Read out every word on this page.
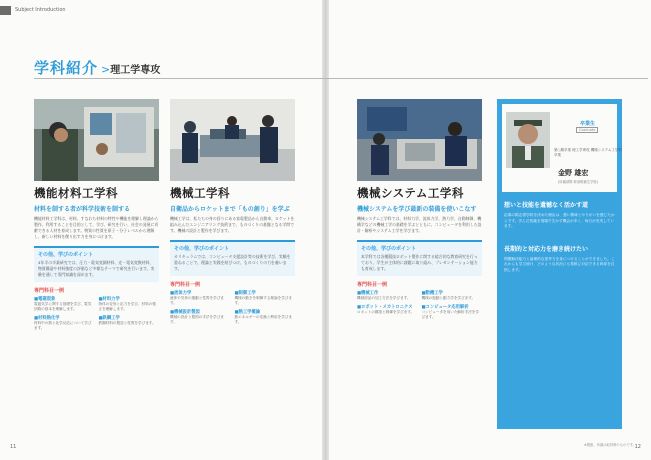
Subject Introduction
学科紹介 >理工学専攻
機能材料工学科
材料を制する者が科学技術を制する
機能材料工学科は、材料、すなわち材料の特性や機能を理解し理論から製作、利用することを目的として、学び、研究を行い、社会の発展に貢献できる人材を育成します。物質の性質を原子・分子レベルから理解し、新しい材料を創り出す力を身につけます。
その他、学びのポイント
4年半の卒業研究では、圧力・電気変調材料、光・電気変換材料、物質構造や材料強度の評価など多様なテーマで研究を行います。実験を通して専門知識を深めます。
専門科目一例
■電磁現象
電磁気学に関する基礎を学び、電気回路の基本を理解します。
■材料力学
物体の変形と応力を学び、材料の強さを理解します。
■材料熱化学
材料中の熱と化学反応について学びます。
■鉄鋼工学
鉄鋼材料の製造と性質を学びます。
機械工学科
自衛品からロケットまで「もの創り」を学ぶ
機械工学は、私たちの身の回りにある家電製品から自動車、ロケットを組み込んだエンジニアリング技術まで、ものづくりの基盤となる学問です。機械の設計と製作を学びます。
その他、学びのポイント
カリキュラムでは、コンピュータ支援設計等の技術を学び、実験を重ねることで、理論と実践を結びつけ、ものづくりの力を養います。
専門科目一例
■流体力学
液体や気体の運動と性質を学びます。
■制御工学
機械の動きを制御する理論を学びます。
■機械設計製図
機械の設計と製図の手法を学びます。
■熱工学概論
熱エネルギーの変換と利用を学びます。
機械システム工学科
機械システムを学び最新の装備を使いこなす
機械システム工学科では、材料力学、流体力学、熱力学、自動制御、機構学などの機械工学の基礎を学ぶとともに、コンピュータを利用した設計・解析やシステム工学を学びます。
その他、学びのポイント
本学科では各種競技ロボット製作に関する総合的な教育研究を行っており、学生が主体的に課題に取り組み、プレゼンテーション能力も育成します。
専門科目一例
■機械工作
機械部品の加工方法を学びます。
■動機工学
機械の振動と動力学を学びます。
■ロボット・メカトロニクス
ロボットの構造と制御を学びます。
■コンピュータ応用解析
コンピュータを用いた解析手法を学びます。
卒業生
Graduate
第○期卒業 理工学専攻 機械システム工学科卒業
金野 雄宏
(所属部隊 幹部候補生学校)
想いと技能を遺憾なく活かす道
応募の際志望学科を決めた理由は、強い興味とやりがいを感じたからです。学んだ知識を現場で生かす機会が多く、毎日が充実しています。
長期的と対応力を磨き続けたい
問題解決能力と論理的な思考力を身につけることができました。これからも学び続け、どのような状況にも柔軟に対応できる幹部を目指します。
※階級、所属は取材時のものです。
11	12
